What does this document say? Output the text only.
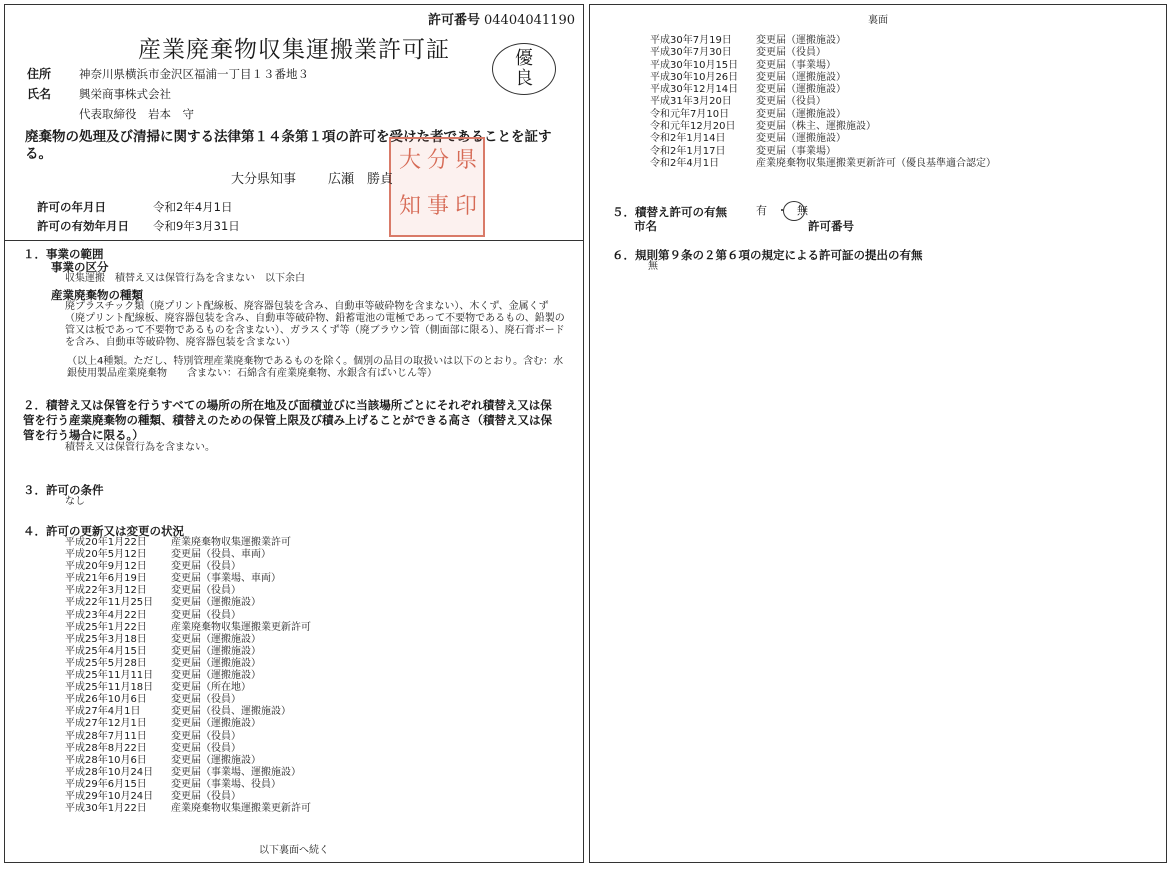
許可番号 04404041190
産業廃棄物収集運搬業許可証	優
良
住所 神奈川県横浜市金沢区福浦一丁目１３番地３
氏名 興栄商事株式会社
代表取締役　岩本　守
廃棄物の処理及び清掃に関する法律第１４条第１項の許可を受けた者であることを証する。	大 分 県
知 事 印
大分県知事 広瀬　勝貞
許可の年月日	令和2年4月1日
許可の有効年月日 令和9年3月31日
１．事業の範囲
事業の区分
収集運搬　積替え又は保管行為を含まない　以下余白
産業廃棄物の種類
廃プラスチック類（廃プリント配線板、廃容器包装を含み、自動車等破砕物を含まない）、木くず、金属くず（廃プリント配線板、廃容器包装を含み、自動車等破砕物、鉛蓄電池の電極であって不要物であるもの、鉛製の管又は板であって不要物であるものを含まない）、ガラスくず等（廃ブラウン管（側面部に限る）、廃石膏ボードを含み、自動車等破砕物、廃容器包装を含まない）
（以上4種類。ただし、特別管理産業廃棄物であるものを除く。個別の品目の取扱いは以下のとおり。含む：水銀使用製品産業廃棄物　　含まない：石綿含有産業廃棄物、水銀含有ばいじん等）
２．積替え又は保管を行うすべての場所の所在地及び面積並びに当該場所ごとにそれぞれ積替え又は保管を行う産業廃棄物の種類、積替えのための保管上限及び積み上げることができる高さ（積替え又は保管を行う場合に限る。）
積替え又は保管行為を含まない。
３．許可の条件
なし
４．許可の更新又は変更の状況
平成20年1月22日 産業廃棄物収集運搬業許可
平成20年5月12日 変更届（役員、車両）
平成20年9月12日 変更届（役員）
平成21年6月19日 変更届（事業場、車両）
平成22年3月12日 変更届（役員）
平成22年11月25日 変更届（運搬施設）
平成23年4月22日 変更届（役員）
平成25年1月22日 産業廃棄物収集運搬業更新許可
平成25年3月18日 変更届（運搬施設）
平成25年4月15日 変更届（運搬施設）
平成25年5月28日 変更届（運搬施設）
平成25年11月11日 変更届（運搬施設）
平成25年11月18日 変更届（所在地）
平成26年10月6日 変更届（役員）
平成27年4月1日	変更届（役員、運搬施設）
平成27年12月1日 変更届（運搬施設）
平成28年7月11日 変更届（役員）
平成28年8月22日 変更届（役員）
平成28年10月6日 変更届（運搬施設）
平成28年10月24日 変更届（事業場、運搬施設）
平成29年6月15日 変更届（事業場、役員）
平成29年10月24日 変更届（役員）
平成30年1月22日 産業廃棄物収集運搬業更新許可
以下裏面へ続く
裏面
平成30年7月19日 変更届（運搬施設）
平成30年7月30日 変更届（役員）
平成30年10月15日 変更届（事業場）
平成30年10月26日 変更届（運搬施設）
平成30年12月14日 変更届（運搬施設）
平成31年3月20日 変更届（役員）
令和元年7月10日	変更届（運搬施設）
令和元年12月20日 変更届（株主、運搬施設）
令和2年1月14日	変更届（運搬施設）
令和2年1月17日	変更届（事業場）
令和2年4月1日	産業廃棄物収集運搬業更新許可（優良基準適合認定）
５．積替え許可の有無	有 ・ 無
市名	許可番号
６．規則第９条の２第６項の規定による許可証の提出の有無
無
